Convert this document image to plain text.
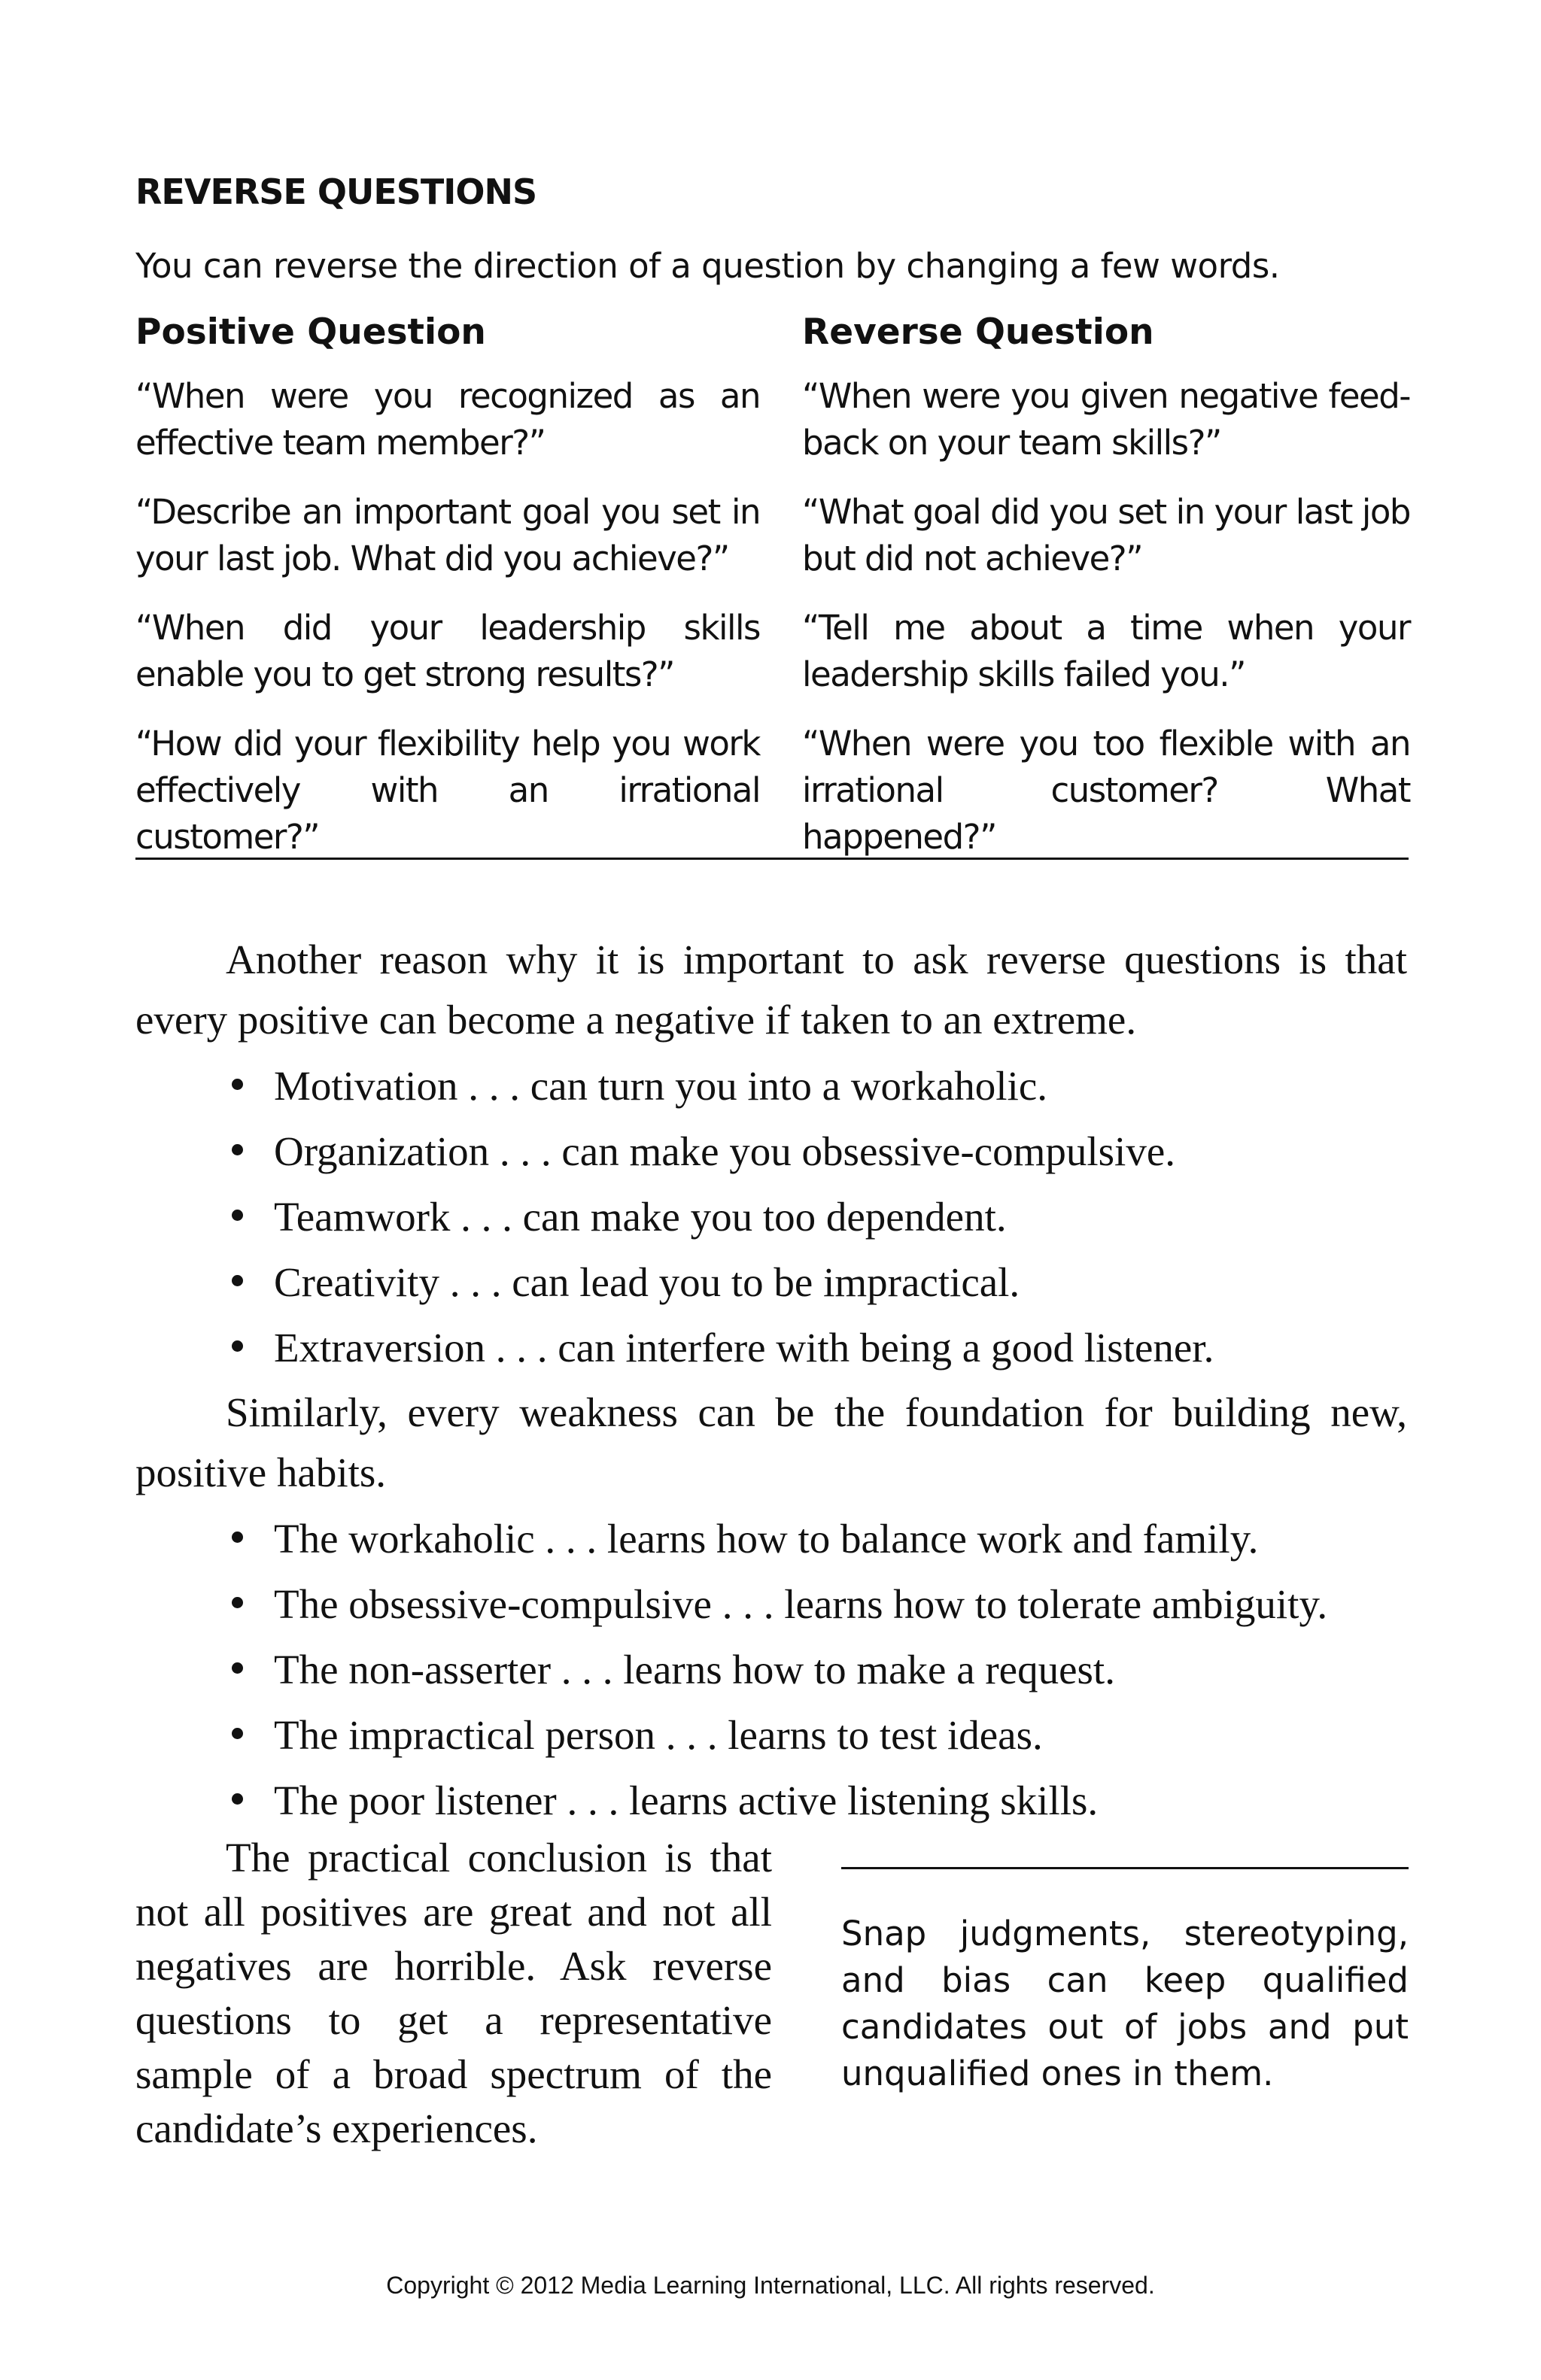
REVERSE QUESTIONS
You can reverse the direction of a question by changing a few words.
Positive Question

“When were you recognized as an effective team member?”

“Describe an important goal you set in your last job. What did you achieve?”

“When did your leadership skills enable you to get strong results?”

“How did your flexibility help you work effectively with an irrational customer?”

Reverse Question

“When were you given negative feed- back on your team skills?”

“What goal did you set in your last job but did not achieve?”

“Tell me about a time when your leadership skills failed you.”

“When were you too flexible with an irrational customer? What happened?”

Another reason why it is important to ask reverse questions is that every positive can become a negative if taken to an extreme.

Motivation . . . can turn you into a workaholic.
Organization . . . can make you obsessive-compulsive.
Teamwork . . . can make you too dependent.
Creativity . . . can lead you to be impractical.
Extraversion . . . can interfere with being a good listener.

Similarly, every weakness can be the foundation for building new, positive habits.

The workaholic . . . learns how to balance work and family.
The obsessive-compulsive . . . learns how to tolerate ambiguity.
The non-asserter . . . learns how to make a request.
The impractical person . . . learns to test ideas.
The poor listener . . . learns active listening skills.

The practical conclusion is that not all positives are great and not all negatives are horrible. Ask reverse questions to get a representative sample of a broad spectrum of the candidate’s experiences.

Snap judgments, stereotyping, and bias can keep qualified candidates out of jobs and put unqualified ones in them.

Copyright © 2012 Media Learning International, LLC. All rights reserved.
